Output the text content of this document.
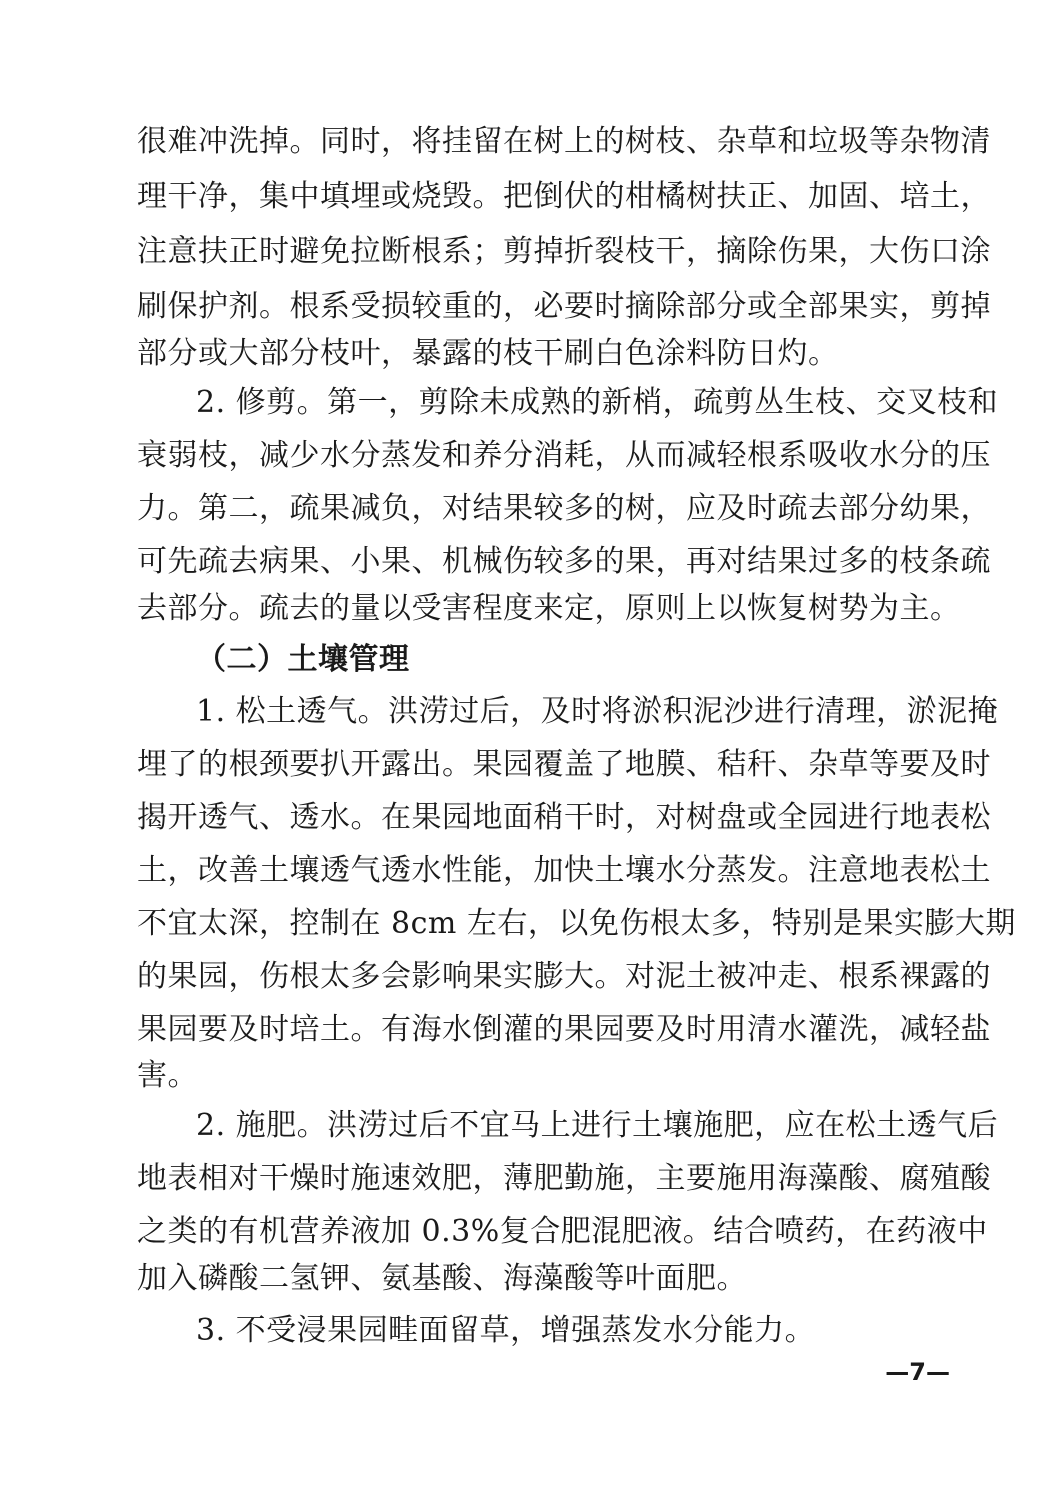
很难冲洗掉。同时，将挂留在树上的树枝、杂草和垃圾等杂物清
理干净，集中填埋或烧毁。把倒伏的柑橘树扶正、加固、培土，
注意扶正时避免拉断根系；剪掉折裂枝干，摘除伤果，大伤口涂
刷保护剂。根系受损较重的，必要时摘除部分或全部果实，剪掉
部分或大部分枝叶，暴露的枝干刷白色涂料防日灼。
2. 修剪。第一，剪除未成熟的新梢，疏剪丛生枝、交叉枝和
衰弱枝，减少水分蒸发和养分消耗，从而减轻根系吸收水分的压
力。第二，疏果减负，对结果较多的树，应及时疏去部分幼果，
可先疏去病果、小果、机械伤较多的果，再对结果过多的枝条疏
去部分。疏去的量以受害程度来定，原则上以恢复树势为主。
（二）土壤管理
1. 松土透气。洪涝过后，及时将淤积泥沙进行清理，淤泥掩
埋了的根颈要扒开露出。果园覆盖了地膜、秸秆、杂草等要及时
揭开透气、透水。在果园地面稍干时，对树盘或全园进行地表松
土，改善土壤透气透水性能，加快土壤水分蒸发。注意地表松土
不宜太深，控制在 8cm 左右，以免伤根太多，特别是果实膨大期
的果园，伤根太多会影响果实膨大。对泥土被冲走、根系裸露的
果园要及时培土。有海水倒灌的果园要及时用清水灌洗，减轻盐
害。
2. 施肥。洪涝过后不宜马上进行土壤施肥，应在松土透气后
地表相对干燥时施速效肥，薄肥勤施，主要施用海藻酸、腐殖酸
之类的有机营养液加 0.3%复合肥混肥液。结合喷药，在药液中
加入磷酸二氢钾、氨基酸、海藻酸等叶面肥。
3. 不受浸果园畦面留草，增强蒸发水分能力。
—7—
